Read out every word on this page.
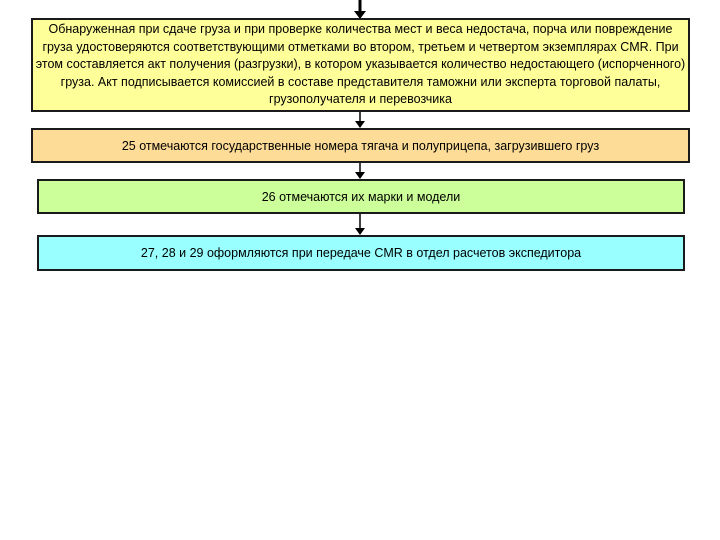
Обнаруженная при сдаче груза и при проверке количества мест и веса недостача, порча или повреждение груза удостоверяются соответствующими отметками во втором, третьем и четвертом экземплярах CMR. При этом составляется акт получения (разгрузки), в котором указывается количество недостающего (испорченного) груза. Акт подписывается комиссией в составе представителя таможни или эксперта торговой палаты, грузополучателя и перевозчика
25 отмечаются государственные номера тягача и полуприцепа, загрузившего груз
26 отмечаются их марки и модели
27, 28 и 29 оформляются при передаче CMR в отдел расчетов экспедитора
